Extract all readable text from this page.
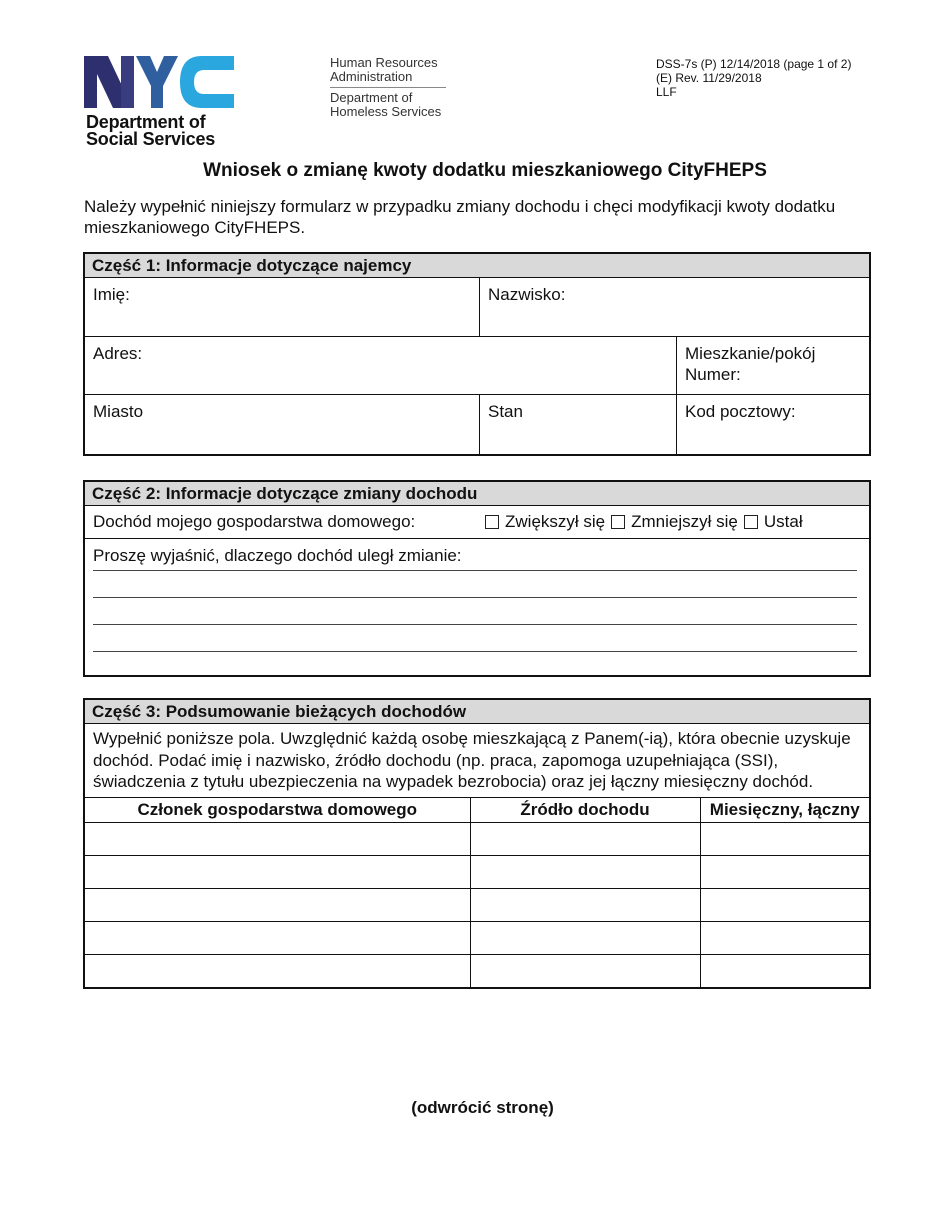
Human Resources
Administration
Department of
Homeless Services
Department of
Social Services
DSS-7s (P) 12/14/2018 (page 1 of 2)
(E) Rev. 11/29/2018
LLF
Wniosek o zmianę kwoty dodatku mieszkaniowego CityFHEPS
Należy wypełnić niniejszy formularz w przypadku zmiany dochodu i chęci modyfikacji kwoty dodatku mieszkaniowego CityFHEPS.
Część 1: Informacje dotyczące najemcy
Imię:	Nazwisko:
Adres:	Mieszkanie/pokój
Numer:
Miasto	Stan	Kod pocztowy:
Część 2: Informacje dotyczące zmiany dochodu
Dochód mojego gospodarstwa domowego:	Zwiększył się Zmniejszył się Ustał
Proszę wyjaśnić, dlaczego dochód uległ zmianie:
Część 3: Podsumowanie bieżących dochodów
Wypełnić poniższe pola. Uwzględnić każdą osobę mieszkającą z Panem(-ią), która obecnie uzyskuje dochód. Podać imię i nazwisko, źródło dochodu (np. praca, zapomoga uzupełniająca (SSI), świadczenia z tytułu ubezpieczenia na wypadek bezrobocia) oraz jej łączny miesięczny dochód.
Członek gospodarstwa domowego	Źródło dochodu	Miesięczny, łączny

(odwrócić stronę)
